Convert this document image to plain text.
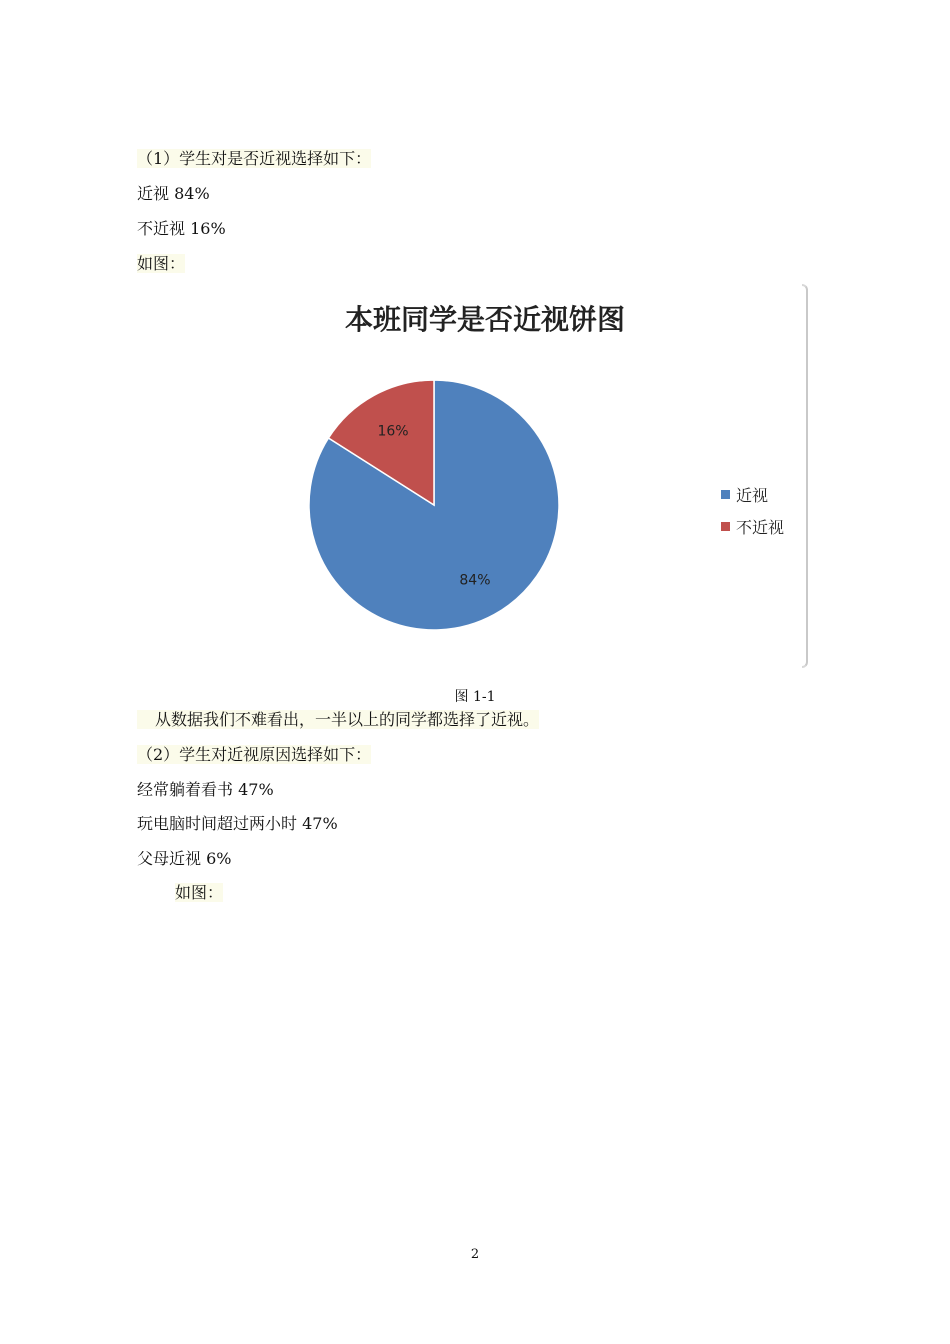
（1）学生对是否近视选择如下：
近视 84%
不近视 16%
如图：
本班同学是否近视饼图
84%
16%
近视
不近视
图 1-1
从数据我们不难看出，一半以上的同学都选择了近视。
（2）学生对近视原因选择如下：
经常躺着看书 47%
玩电脑时间超过两小时 47%
父母近视 6%
如图：
2
